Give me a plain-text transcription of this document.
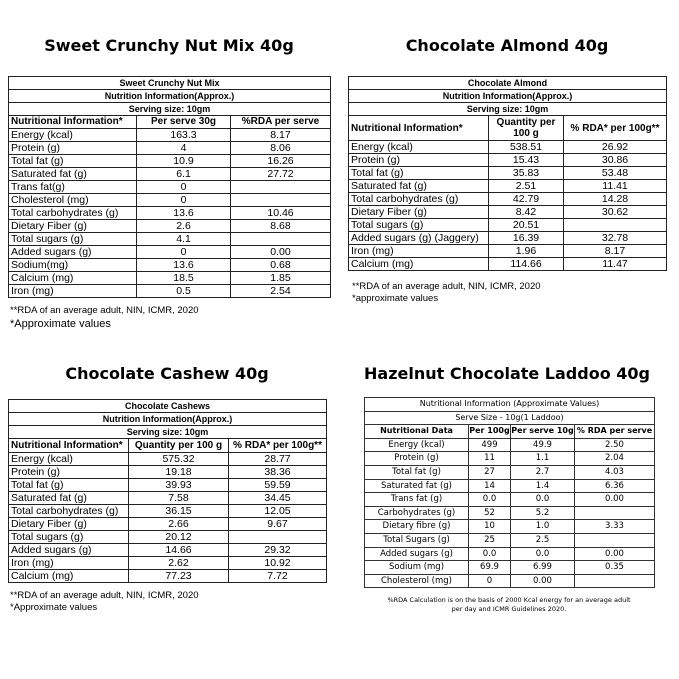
Sweet Crunchy Nut Mix 40g
Sweet Crunchy Nut Mix		
Nutrition Information(Approx.)		
Serving size: 10gm		
Nutritional Information*	Per serve 30g	%RDA per serve
Energy (kcal)	163.3	8.17
Protein (g)	4	8.06
Total fat (g)	10.9	16.26
Saturated fat (g)	6.1	27.72
Trans fat(g)	0	
Cholesterol (mg)	0	
Total carbohydrates (g)	13.6	10.46
Dietary Fiber (g)	2.6	8.68
Total sugars (g)	4.1	
Added sugars (g)	0	0.00
Sodium(mg)	13.6	0.68
Calcium (mg)	18.5	1.85
Iron (mg)	0.5	2.54
**RDA of an average adult, NIN, ICMR, 2020
*Approximate values
Chocolate Almond 40g
Chocolate Almond		
Nutrition Information(Approx.)		
Serving size: 10gm		
Nutritional Information*	Quantity per 100 g	% RDA* per 100g**
Energy (kcal)	538.51	26.92
Protein (g)	15.43	30.86
Total fat (g)	35.83	53.48
Saturated fat (g)	2.51	11.41
Total carbohydrates (g)	42.79	14.28
Dietary Fiber (g)	8.42	30.62
Total sugars (g)	20.51	
Added sugars (g) (Jaggery)	16.39	32.78
Iron (mg)	1.96	8.17
Calcium (mg)	114.66	11.47
**RDA of an average adult, NIN, ICMR, 2020
*approximate values
Chocolate Cashew 40g
Chocolate Cashews		
Nutrition Information(Approx.)		
Serving size: 10gm		
Nutritional Information*	Quantity per 100 g	% RDA* per 100g**
Energy (kcal)	575.32	28.77
Protein (g)	19.18	38.36
Total fat (g)	39.93	59.59
Saturated fat (g)	7.58	34.45
Total carbohydrates (g)	36.15	12.05
Dietary Fiber (g)	2.66	9.67
Total sugars (g)	20.12	
Added sugars (g)	14.66	29.32
Iron (mg)	2.62	10.92
Calcium (mg)	77.23	7.72
**RDA of an average adult, NIN, ICMR, 2020
*Approximate values
Hazelnut Chocolate Laddoo 40g
Nutritional Information (Approximate Values)			
Serve Size - 10g(1 Laddoo)			
Nutritional Data	Per 100g	Per serve 10g	% RDA per serve
Energy (kcal)	499	49.9	2.50
Protein (g)	11	1.1	2.04
Total fat (g)	27	2.7	4.03
Saturated fat (g)	14	1.4	6.36
Trans fat (g)	0.0	0.0	0.00
Carbohydrates (g)	52	5.2	
Dietary fibre (g)	10	1.0	3.33
Total Sugars (g)	25	2.5	
Added sugars (g)	0.0	0.0	0.00
Sodium (mg)	69.9	6.99	0.35
Cholesterol (mg)	0	0.00	
%RDA Calculation is on the basis of 2000 Kcal energy for an average adult
per day and ICMR Guidelines 2020.
